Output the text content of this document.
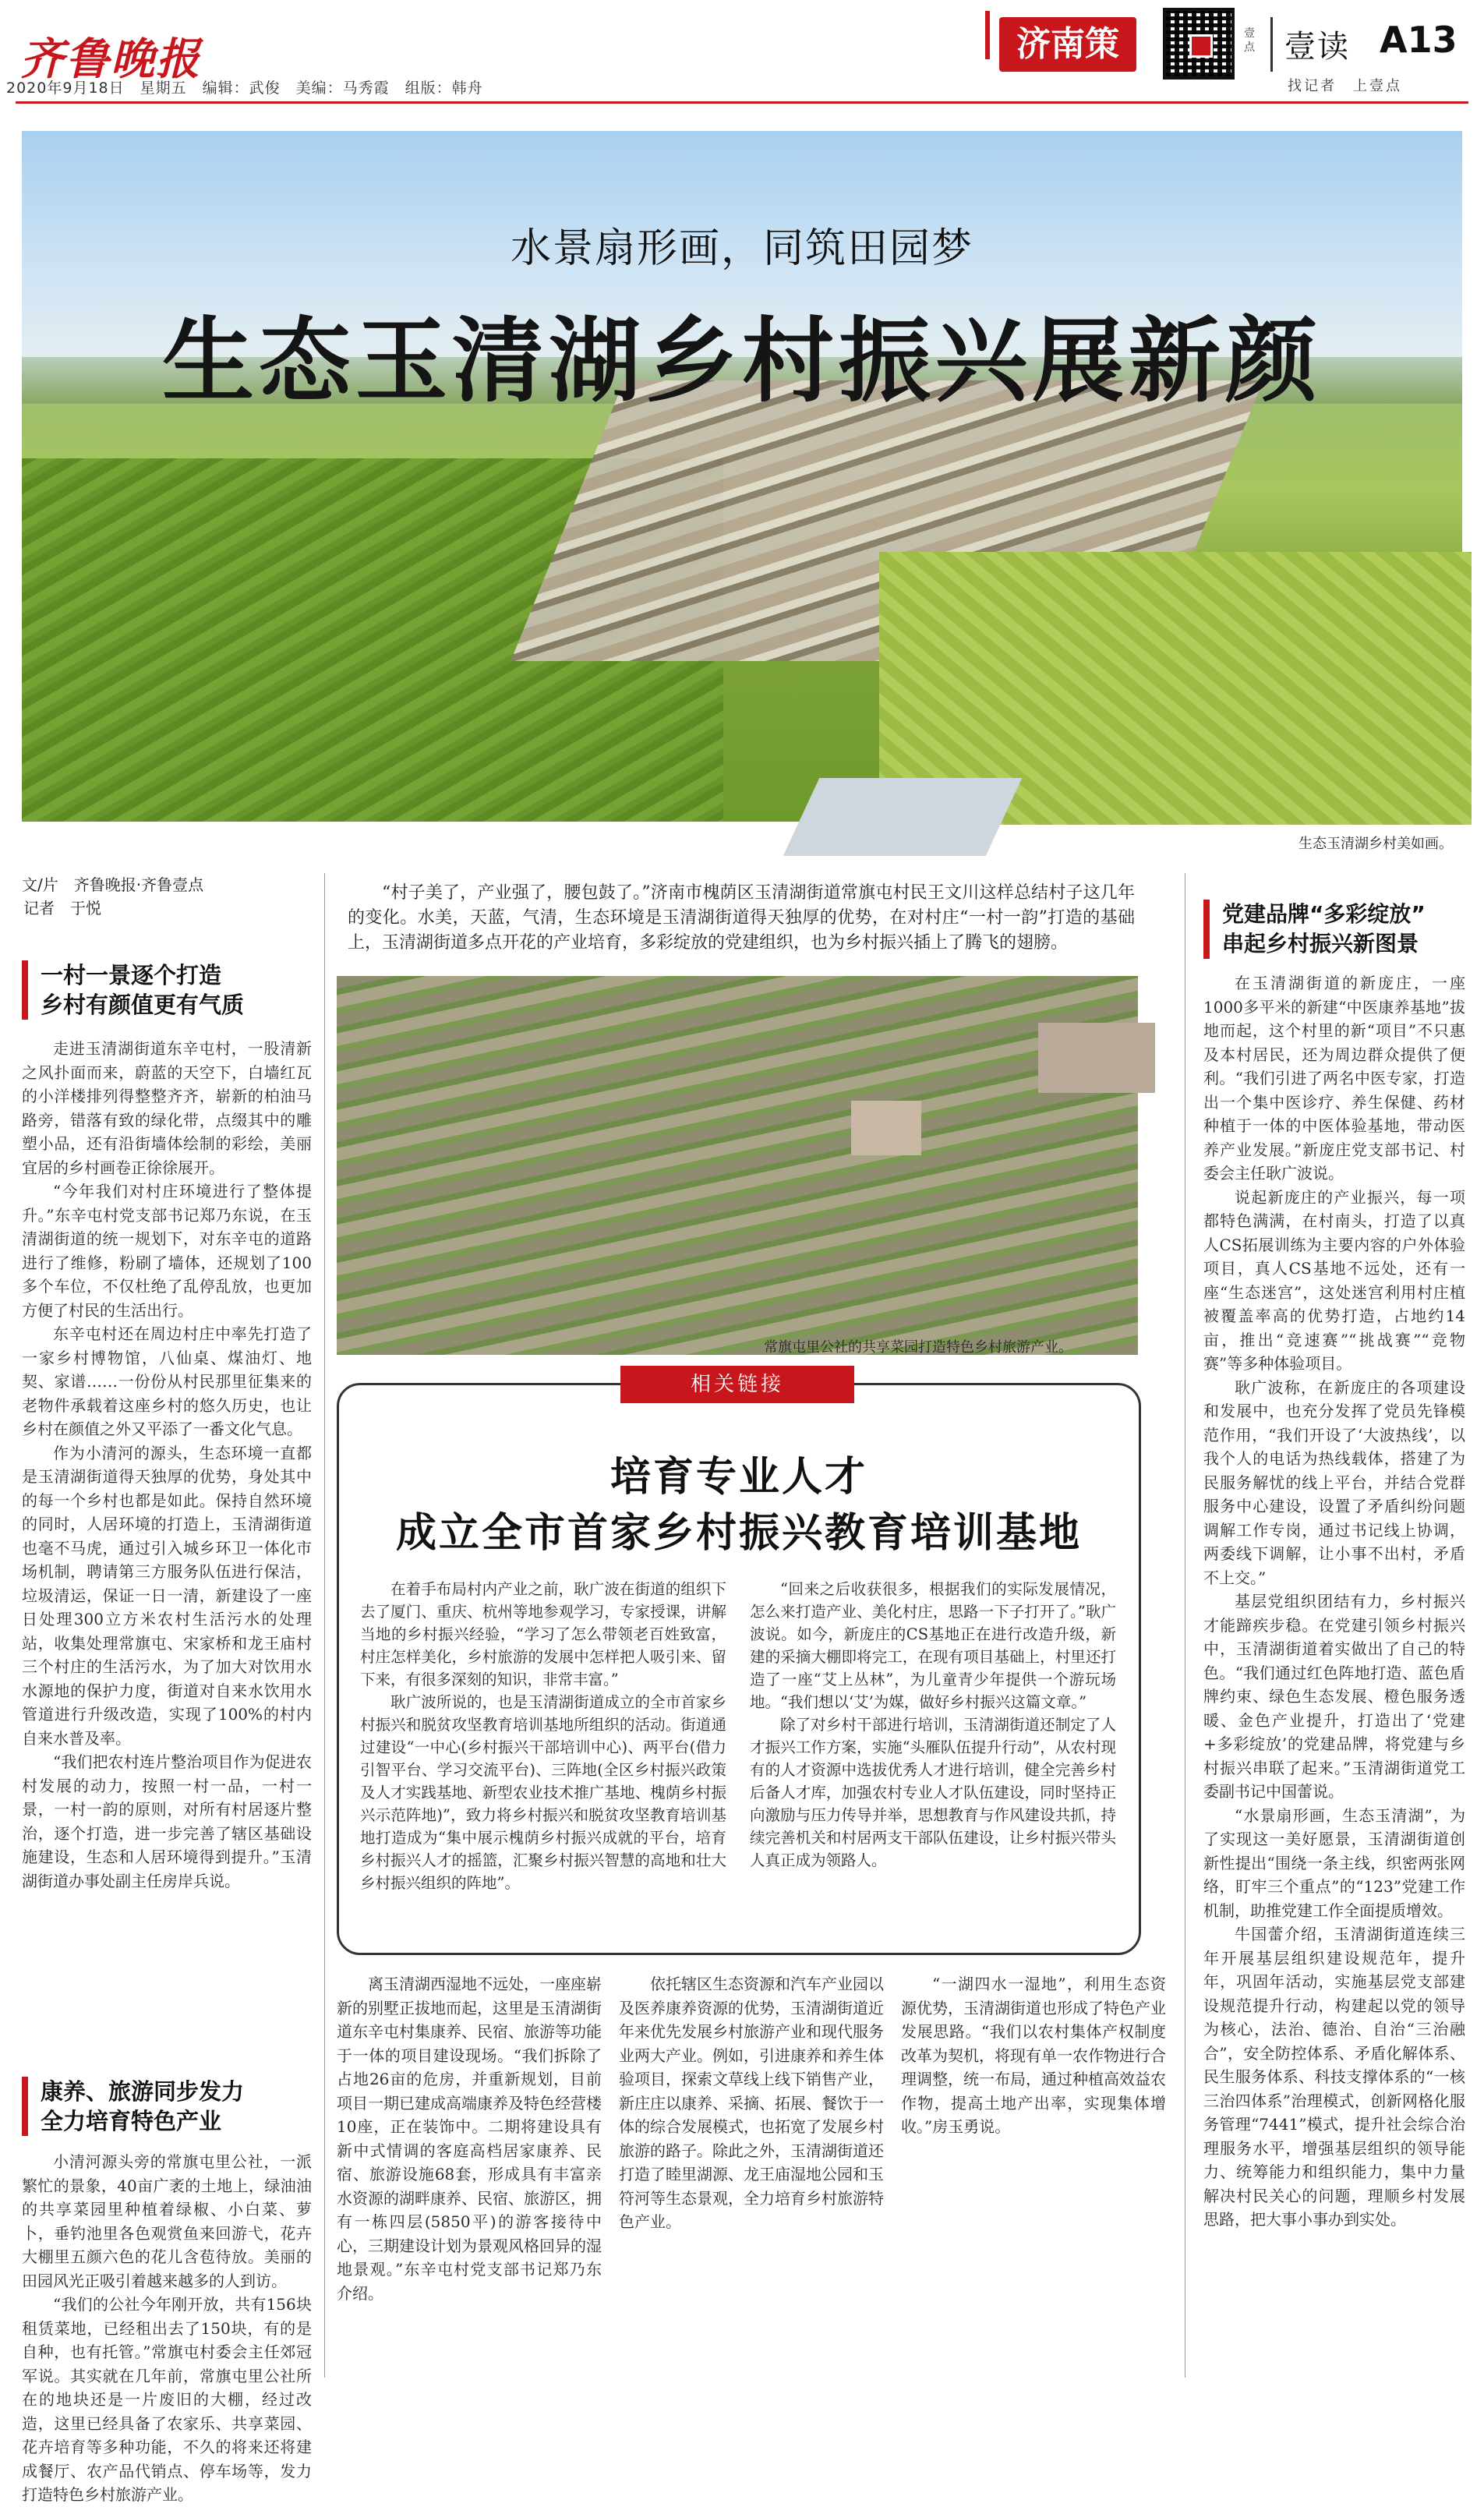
齐鲁晚报
2020年9月18日　星期五　编辑：武俊　美编：马秀霞　组版：韩舟
济南策	壹点 壹读 A13
找记者　上壹点
水景扇形画，同筑田园梦
生态玉清湖乡村振兴展新颜
生态玉清湖乡村美如画。
文/片　齐鲁晚报·齐鲁壹点
记者　于悦
“村子美了，产业强了，腰包鼓了。”济南市槐荫区玉清湖街道常旗屯村民王文川这样总结村子这几年的变化。水美，天蓝，气清，生态环境是玉清湖街道得天独厚的优势，在对村庄“一村一韵”打造的基础上，玉清湖街道多点开花的产业培育，多彩绽放的党建组织，也为乡村振兴插上了腾飞的翅膀。
一村一景逐个打造
乡村有颜值更有气质

走进玉清湖街道东辛屯村，一股清新之风扑面而来，蔚蓝的天空下，白墙红瓦的小洋楼排列得整整齐齐，崭新的柏油马路旁，错落有致的绿化带，点缀其中的雕塑小品，还有沿街墙体绘制的彩绘，美丽宜居的乡村画卷正徐徐展开。

“今年我们对村庄环境进行了整体提升。”东辛屯村党支部书记郑乃东说，在玉清湖街道的统一规划下，对东辛屯的道路进行了维修，粉刷了墙体，还规划了100多个车位，不仅杜绝了乱停乱放，也更加方便了村民的生活出行。

东辛屯村还在周边村庄中率先打造了一家乡村博物馆，八仙桌、煤油灯、地契、家谱……一份份从村民那里征集来的老物件承载着这座乡村的悠久历史，也让乡村在颜值之外又平添了一番文化气息。

作为小清河的源头，生态环境一直都是玉清湖街道得天独厚的优势，身处其中的每一个乡村也都是如此。保持自然环境的同时，人居环境的打造上，玉清湖街道也毫不马虎，通过引入城乡环卫一体化市场机制，聘请第三方服务队伍进行保洁，垃圾清运，保证一日一清，新建设了一座日处理300立方米农村生活污水的处理站，收集处理常旗屯、宋家桥和龙王庙村三个村庄的生活污水，为了加大对饮用水水源地的保护力度，街道对自来水饮用水管道进行升级改造，实现了100%的村内自来水普及率。

“我们把农村连片整治项目作为促进农村发展的动力，按照一村一品，一村一景，一村一韵的原则，对所有村居逐片整治，逐个打造，进一步完善了辖区基础设施建设，生态和人居环境得到提升。”玉清湖街道办事处副主任房岸兵说。

康养、旅游同步发力
全力培育特色产业

小清河源头旁的常旗屯里公社，一派繁忙的景象，40亩广袤的土地上，绿油油的共享菜园里种植着绿椒、小白菜、萝卜，垂钓池里各色观赏鱼来回游弋，花卉大棚里五颜六色的花儿含苞待放。美丽的田园风光正吸引着越来越多的人到访。

“我们的公社今年刚开放，共有156块租赁菜地，已经租出去了150块，有的是自种，也有托管。”常旗屯村委会主任郊冠军说。其实就在几年前，常旗屯里公社所在的地块还是一片废旧的大棚，经过改造，这里已经具备了农家乐、共享菜园、花卉培育等多种功能，不久的将来还将建成餐厅、农产品代销点、停车场等，发力打造特色乡村旅游产业。

离玉清湖西湿地不远处，一座座崭新的别墅正拔地而起，这里是玉清湖街道东辛屯村集康养、民宿、旅游等功能于一体的项目建设现场。“我们拆除了占地26亩的危房，并重新规划，目前项目一期已建成高端康养及特色经营楼10座，正在装饰中。二期将建设具有新中式情调的客庭高档居家康养、民宿、旅游设施68套，形成具有丰富亲水资源的湖畔康养、民宿、旅游区，拥有一栋四层(5850平)的游客接待中心，三期建设计划为景观风格回异的湿地景观。”东辛屯村党支部书记郑乃东介绍。

依托辖区生态资源和汽车产业园以及医养康养资源的优势，玉清湖街道近年来优先发展乡村旅游产业和现代服务业两大产业。例如，引进康养和养生体验项目，探索文草线上线下销售产业，新庄庄以康养、采摘、拓展、餐饮于一体的综合发展模式，也拓宽了发展乡村旅游的路子。除此之外，玉清湖街道还打造了睦里湖源、龙王庙湿地公园和玉符河等生态景观，全力培育乡村旅游特色产业。

“一湖四水一湿地”，利用生态资源优势，玉清湖街道也形成了特色产业发展思路。“我们以农村集体产权制度改革为契机，将现有单一农作物进行合理调整，统一布局，通过种植高效益农作物，提高土地产出率，实现集体增收。”房玉勇说。

常旗屯里公社的共享菜园打造特色乡村旅游产业。
相关链接
培育专业人才
成立全市首家乡村振兴教育培训基地

在着手布局村内产业之前，耿广波在街道的组织下去了厦门、重庆、杭州等地参观学习，专家授课，讲解当地的乡村振兴经验，“学习了怎么带领老百姓致富，村庄怎样美化，乡村旅游的发展中怎样把人吸引来、留下来，有很多深刻的知识，非常丰富。”

耿广波所说的，也是玉清湖街道成立的全市首家乡村振兴和脱贫攻坚教育培训基地所组织的活动。街道通过建设“一中心(乡村振兴干部培训中心)、两平台(借力引智平台、学习交流平台)、三阵地(全区乡村振兴政策及人才实践基地、新型农业技术推广基地、槐荫乡村振兴示范阵地)”，致力将乡村振兴和脱贫攻坚教育培训基地打造成为“集中展示槐荫乡村振兴成就的平台，培育乡村振兴人才的摇篮，汇聚乡村振兴智慧的高地和壮大乡村振兴组织的阵地”。

“回来之后收获很多，根据我们的实际发展情况，怎么来打造产业、美化村庄，思路一下子打开了。”耿广波说。如今，新庞庄的CS基地正在进行改造升级，新建的采摘大棚即将完工，在现有项目基础上，村里还打造了一座“艾上丛林”，为儿童青少年提供一个游玩场地。“我们想以‘艾’为媒，做好乡村振兴这篇文章。”

除了对乡村干部进行培训，玉清湖街道还制定了人才振兴工作方案，实施“头雁队伍提升行动”，从农村现有的人才资源中选拔优秀人才进行培训，健全完善乡村后备人才库，加强农村专业人才队伍建设，同时坚持正向激励与压力传导并举，思想教育与作风建设共抓，持续完善机关和村居两支干部队伍建设，让乡村振兴带头人真正成为领路人。

党建品牌“多彩绽放”
串起乡村振兴新图景

在玉清湖街道的新庞庄，一座1000多平米的新建“中医康养基地”拔地而起，这个村里的新“项目”不只惠及本村居民，还为周边群众提供了便利。“我们引进了两名中医专家，打造出一个集中医诊疗、养生保健、药材种植于一体的中医体验基地，带动医养产业发展。”新庞庄党支部书记、村委会主任耿广波说。

说起新庞庄的产业振兴，每一项都特色满满，在村南头，打造了以真人CS拓展训练为主要内容的户外体验项目，真人CS基地不远处，还有一座“生态迷宫”，这处迷宫利用村庄植被覆盖率高的优势打造，占地约14亩，推出“竞速赛”“挑战赛”“竞物赛”等多种体验项目。

耿广波称，在新庞庄的各项建设和发展中，也充分发挥了党员先锋模范作用，“我们开设了‘大波热线’，以我个人的电话为热线载体，搭建了为民服务解忧的线上平台，并结合党群服务中心建设，设置了矛盾纠纷问题调解工作专岗，通过书记线上协调，两委线下调解，让小事不出村，矛盾不上交。”

基层党组织团结有力，乡村振兴才能蹄疾步稳。在党建引领乡村振兴中，玉清湖街道着实做出了自己的特色。“我们通过红色阵地打造、蓝色盾牌约束、绿色生态发展、橙色服务透暖、金色产业提升，打造出了‘党建+多彩绽放’的党建品牌，将党建与乡村振兴串联了起来。”玉清湖街道党工委副书记中国蕾说。

“水景扇形画，生态玉清湖”，为了实现这一美好愿景，玉清湖街道创新性提出“围绕一条主线，织密两张网络，盯牢三个重点”的“123”党建工作机制，助推党建工作全面提质增效。

牛国蕾介绍，玉清湖街道连续三年开展基层组织建设规范年，提升年，巩固年活动，实施基层党支部建设规范提升行动，构建起以党的领导为核心，法治、德治、自治“三治融合”，安全防控体系、矛盾化解体系、民生服务体系、科技支撑体系的“一核三治四体系”治理模式，创新网格化服务管理“7441”模式，提升社会综合治理服务水平，增强基层组织的领导能力、统筹能力和组织能力，集中力量解决村民关心的问题，理顺乡村发展思路，把大事小事办到实处。
